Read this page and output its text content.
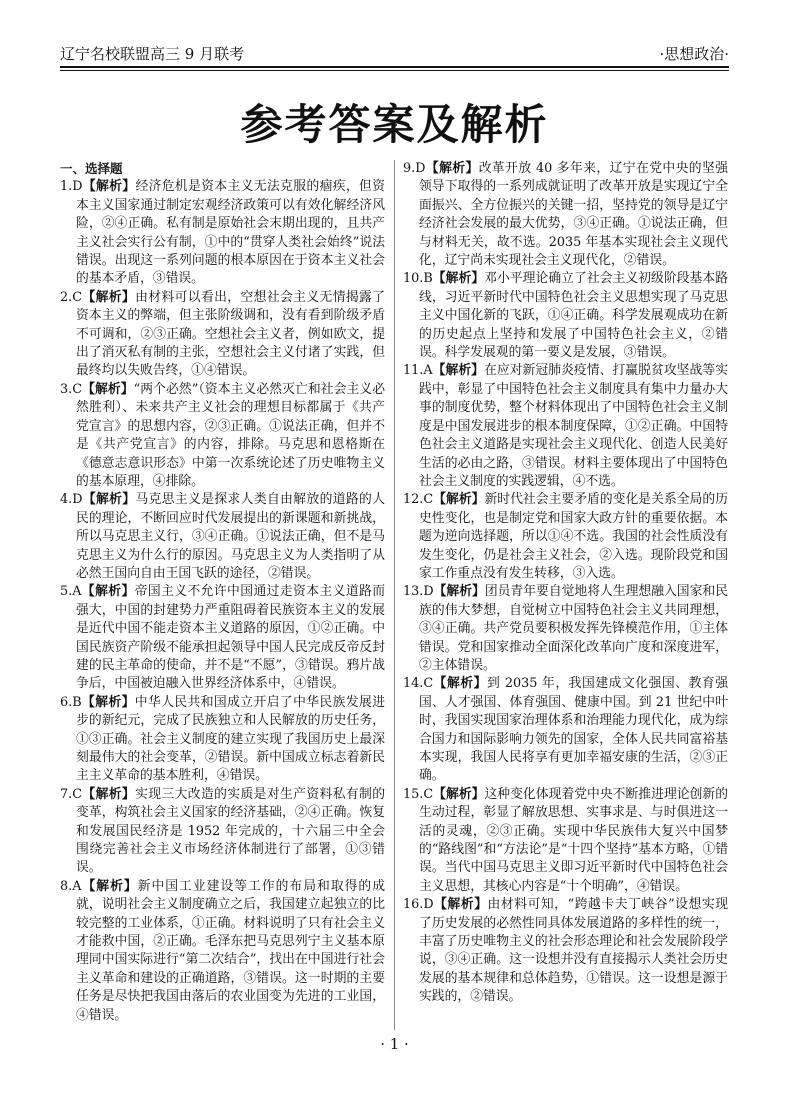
辽宁名校联盟高三 9 月联考	·思想政治·
参考答案及解析
一、选择题
1.D【解析】经济危机是资本主义无法克服的痼疾，但资本主义国家通过制定宏观经济政策可以有效化解经济风险，②④正确。私有制是原始社会末期出现的，且共产主义社会实行公有制，①中的“贯穿人类社会始终”说法错误。出现这一系列问题的根本原因在于资本主义社会的基本矛盾，③错误。
2.C【解析】由材料可以看出，空想社会主义无情揭露了资本主义的弊端，但主张阶级调和，没有看到阶级矛盾不可调和，②③正确。空想社会主义者，例如欧文，提出了消灭私有制的主张，空想社会主义付诸了实践，但最终均以失败告终，①④错误。
3.C【解析】“两个必然”（资本主义必然灭亡和社会主义必然胜利）、未来共产主义社会的理想目标都属于《共产党宣言》的思想内容，②③正确。①说法正确，但并不是《共产党宣言》的内容，排除。马克思和恩格斯在《德意志意识形态》中第一次系统论述了历史唯物主义的基本原理，④排除。
4.D【解析】马克思主义是探求人类自由解放的道路的人民的理论，不断回应时代发展提出的新课题和新挑战，所以马克思主义行，③④正确。①说法正确，但不是马克思主义为什么行的原因。马克思主义为人类指明了从必然王国向自由王国飞跃的途径，②错误。
5.A【解析】帝国主义不允许中国通过走资本主义道路而强大，中国的封建势力严重阻碍着民族资本主义的发展是近代中国不能走资本主义道路的原因，①②正确。中国民族资产阶级不能承担起领导中国人民完成反帝反封建的民主革命的使命，并不是“不愿”，③错误。鸦片战争后，中国被迫融入世界经济体系中，④错误。
6.B【解析】中华人民共和国成立开启了中华民族发展进步的新纪元，完成了民族独立和人民解放的历史任务，①③正确。社会主义制度的建立实现了我国历史上最深刻最伟大的社会变革，②错误。新中国成立标志着新民主主义革命的基本胜利，④错误。
7.C【解析】实现三大改造的实质是对生产资料私有制的变革，构筑社会主义国家的经济基础，②④正确。恢复和发展国民经济是 1952 年完成的，十六届三中全会围绕完善社会主义市场经济体制进行了部署，①③错误。
8.A【解析】新中国工业建设等工作的布局和取得的成就，说明社会主义制度确立之后，我国建立起独立的比较完整的工业体系，①正确。材料说明了只有社会主义才能救中国，②正确。毛泽东把马克思列宁主义基本原理同中国实际进行“第二次结合”，找出在中国进行社会主义革命和建设的正确道路，③错误。这一时期的主要任务是尽快把我国由落后的农业国变为先进的工业国，④错误。
9.D【解析】改革开放 40 多年来，辽宁在党中央的坚强领导下取得的一系列成就证明了改革开放是实现辽宁全面振兴、全方位振兴的关键一招，坚持党的领导是辽宁经济社会发展的最大优势，③④正确。①说法正确，但与材料无关，故不选。2035 年基本实现社会主义现代化，辽宁尚未实现社会主义现代化，②错误。
10.B【解析】邓小平理论确立了社会主义初级阶段基本路线，习近平新时代中国特色社会主义思想实现了马克思主义中国化新的飞跃，①④正确。科学发展观成功在新的历史起点上坚持和发展了中国特色社会主义，②错误。科学发展观的第一要义是发展，③错误。
11.A【解析】在应对新冠肺炎疫情、打赢脱贫攻坚战等实践中，彰显了中国特色社会主义制度具有集中力量办大事的制度优势，整个材料体现出了中国特色社会主义制度是中国发展进步的根本制度保障，①②正确。中国特色社会主义道路是实现社会主义现代化、创造人民美好生活的必由之路，③错误。材料主要体现出了中国特色社会主义制度的实践逻辑，④不选。
12.C【解析】新时代社会主要矛盾的变化是关系全局的历史性变化，也是制定党和国家大政方针的重要依据。本题为逆向选择题，所以①④不选。我国的社会性质没有发生变化，仍是社会主义社会，②入选。现阶段党和国家工作重点没有发生转移，③入选。
13.D【解析】团员青年要自觉地将人生理想融入国家和民族的伟大梦想，自觉树立中国特色社会主义共同理想，③④正确。共产党员要积极发挥先锋模范作用，①主体错误。党和国家推动全面深化改革向广度和深度进军，②主体错误。
14.C【解析】到 2035 年，我国建成文化强国、教育强国、人才强国、体育强国、健康中国。到 21 世纪中叶时，我国实现国家治理体系和治理能力现代化，成为综合国力和国际影响力领先的国家，全体人民共同富裕基本实现，我国人民将享有更加幸福安康的生活，②③正确。
15.C【解析】这种变化体现着党中央不断推进理论创新的生动过程，彰显了解放思想、实事求是、与时俱进这一活的灵魂，②③正确。实现中华民族伟大复兴中国梦的“路线图”和“方法论”是“十四个坚持”基本方略，①错误。当代中国马克思主义即习近平新时代中国特色社会主义思想，其核心内容是“十个明确”，④错误。
16.D【解析】由材料可知，“跨越卡夫丁峡谷”设想实现了历史发展的必然性同具体发展道路的多样性的统一，丰富了历史唯物主义的社会形态理论和社会发展阶段学说，③④正确。这一设想并没有直接揭示人类社会历史发展的基本规律和总体趋势，①错误。这一设想是源于实践的，②错误。
· 1 ·
